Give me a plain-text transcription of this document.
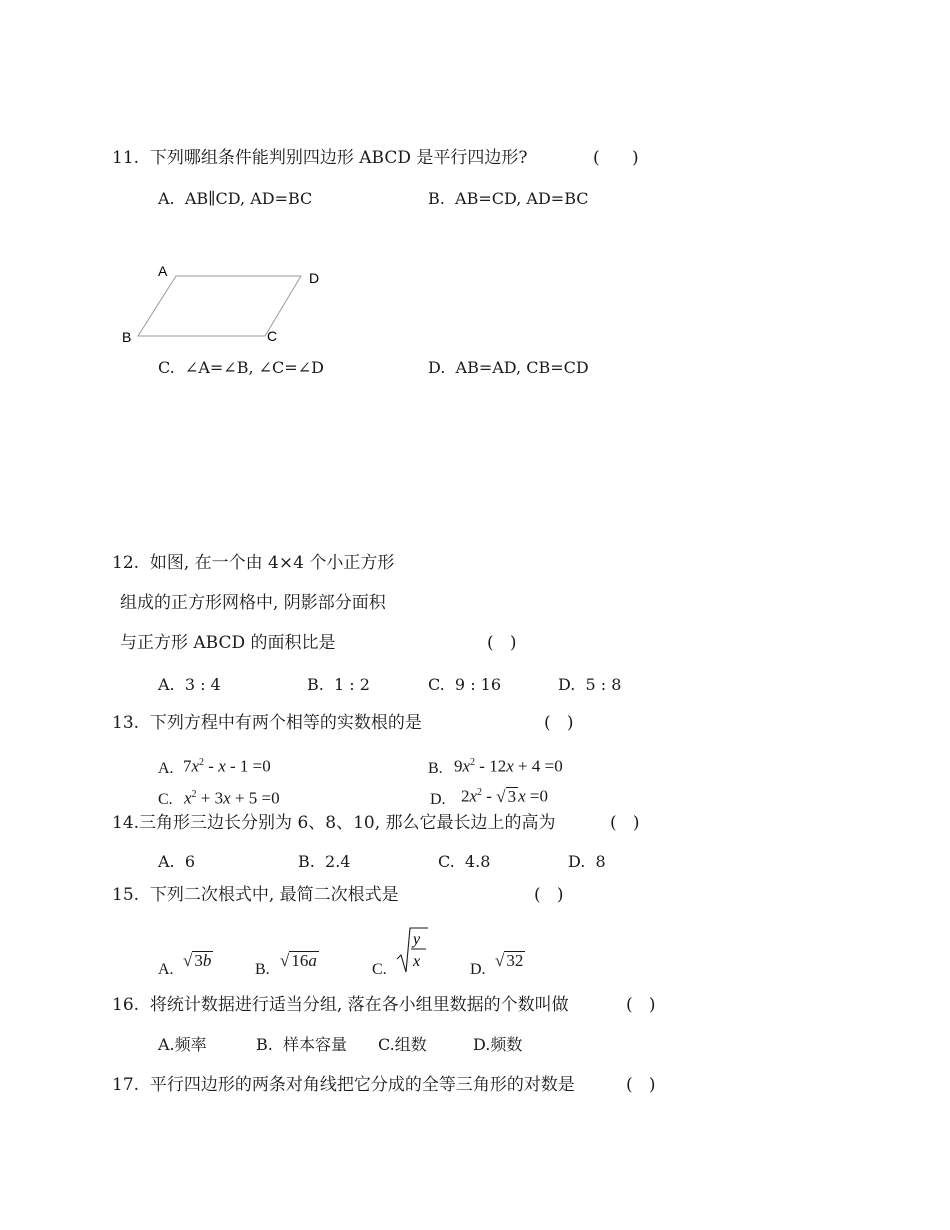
11.  下列哪组条件能判别四边形 ABCD 是平行四边形?	(      )
A.  AB∥CD, AD=BC	B.  AB=CD, AD=BC
A	D
B	C
C.  ∠A=∠B, ∠C=∠D	D.  AB=AD, CB=CD
12.  如图, 在一个由 4×4 个小正方形
组成的正方形网格中, 阴影部分面积
与正方形 ABCD 的面积比是	(   )
A.  3 : 4	B.  1 : 2	C.  9 : 16	D.  5 : 8
13.  下列方程中有两个相等的实数根的是	(   )
A. $7x^2 - x - 1 =0$	B. $9x^2 - 12x + 4 =0$
C. $x^2 + 3x + 5 =0$	D. $2x^2$ - √ 3 x =0
14.三角形三边长分别为 6、8、10, 那么它最长边上的高为	(   )
A.  6	B.  2.4	C.  4.8	D.  8
15.  下列二次根式中, 最简二次根式是	(   )
A. √ 3b	B. √ 16a	C.
y
x	D. √ 32
16.  将统计数据进行适当分组, 落在各小组里数据的个数叫做	(   )
A.频率	B.  样本容量 C.组数	D.频数
17.  平行四边形的两条对角线把它分成的全等三角形的对数是	(   )
